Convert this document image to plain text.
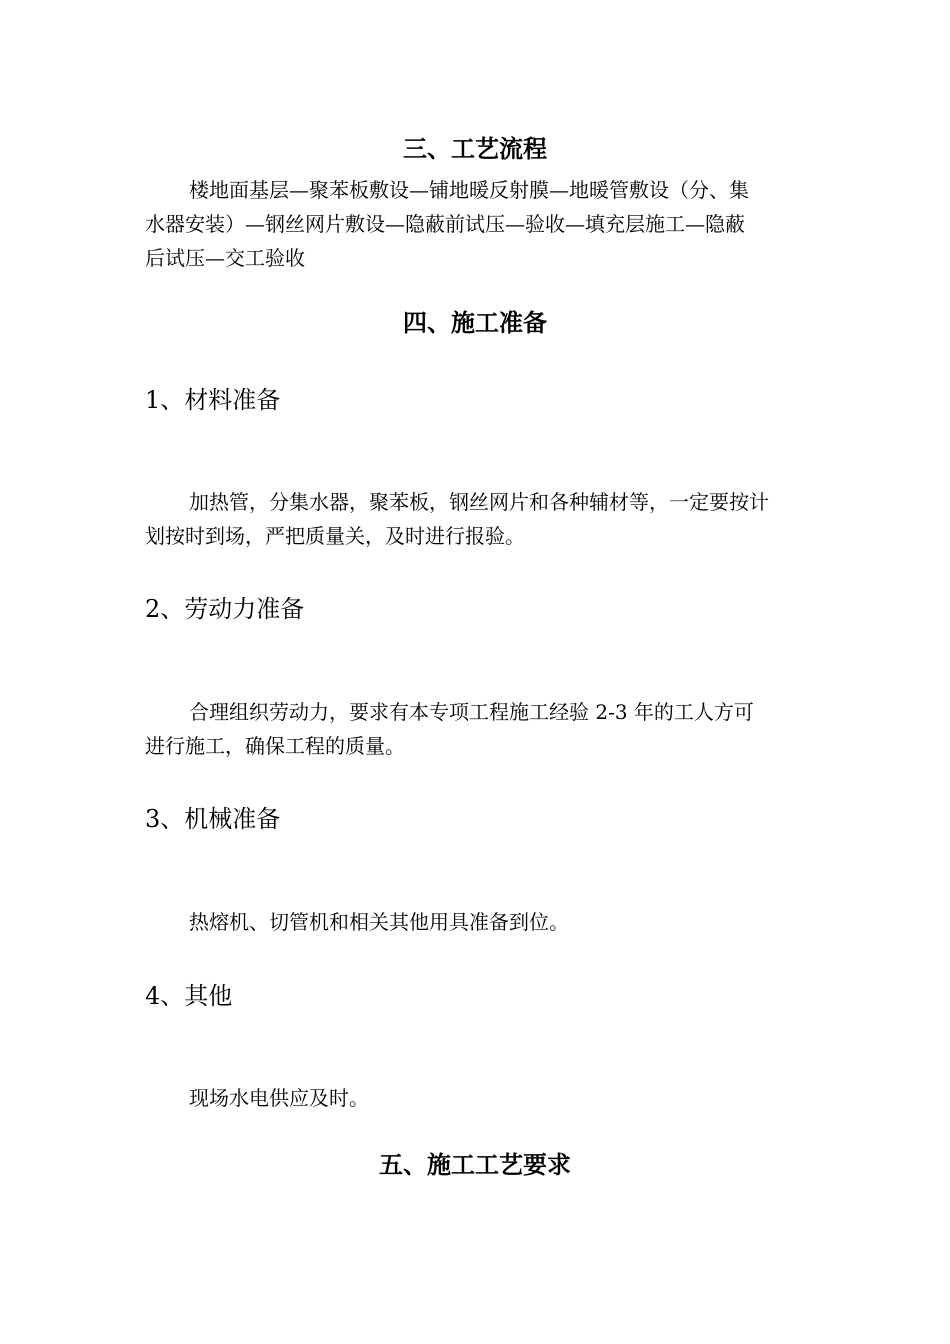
三、工艺流程
楼地面基层—聚苯板敷设—铺地暖反射膜—地暖管敷设（分、集
水器安装）—钢丝网片敷设—隐蔽前试压—验收—填充层施工—隐蔽
后试压—交工验收
四、施工准备
1、材料准备
加热管，分集水器，聚苯板，钢丝网片和各种辅材等，一定要按计
划按时到场，严把质量关，及时进行报验。
2、劳动力准备
合理组织劳动力，要求有本专项工程施工经验 2-3 年的工人方可
进行施工，确保工程的质量。
3、机械准备
热熔机、切管机和相关其他用具准备到位。
4、其他
现场水电供应及时。
五、施工工艺要求
